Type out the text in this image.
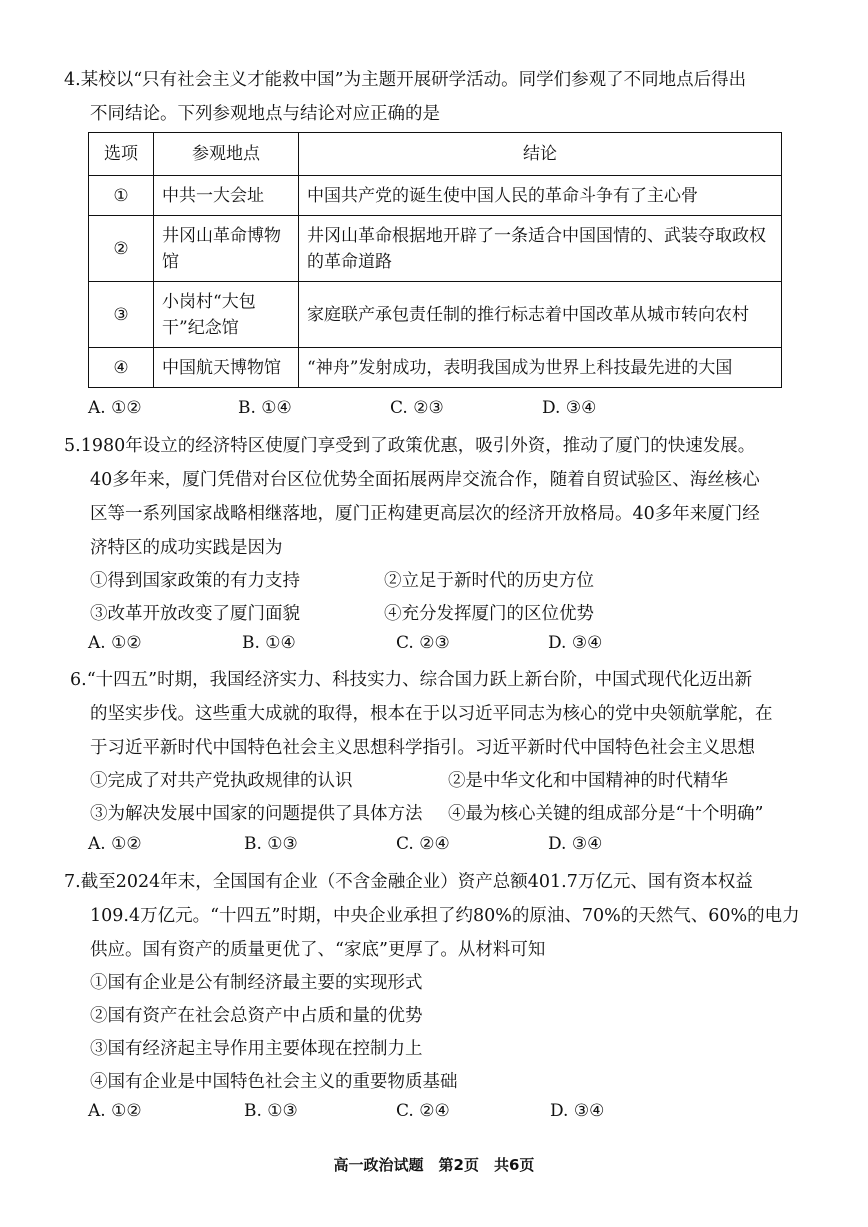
4.某校以“只有社会主义才能救中国”为主题开展研学活动。同学们参观了不同地点后得出
不同结论。下列参观地点与结论对应正确的是
选项	参观地点	结论
①	中共一大会址	中国共产党的诞生使中国人民的革命斗争有了主心骨
②	井冈山革命博物馆	井冈山革命根据地开辟了一条适合中国国情的、武装夺取政权的革命道路
③	小岗村“大包干”纪念馆	家庭联产承包责任制的推行标志着中国改革从城市转向农村
④	中国航天博物馆	“神舟”发射成功，表明我国成为世界上科技最先进的大国
A. ①②	B. ①④	C. ②③	D. ③④
5.1980年设立的经济特区使厦门享受到了政策优惠，吸引外资，推动了厦门的快速发展。
40多年来，厦门凭借对台区位优势全面拓展两岸交流合作，随着自贸试验区、海丝核心
区等一系列国家战略相继落地，厦门正构建更高层次的经济开放格局。40多年来厦门经
济特区的成功实践是因为
①得到国家政策的有力支持	②立足于新时代的历史方位
③改革开放改变了厦门面貌	④充分发挥厦门的区位优势
A. ①②	B. ①④	C. ②③	D. ③④
6.“十四五”时期，我国经济实力、科技实力、综合国力跃上新台阶，中国式现代化迈出新
的坚实步伐。这些重大成就的取得，根本在于以习近平同志为核心的党中央领航掌舵，在
于习近平新时代中国特色社会主义思想科学指引。习近平新时代中国特色社会主义思想
①完成了对共产党执政规律的认识	②是中华文化和中国精神的时代精华
③为解决发展中国家的问题提供了具体方法 ④最为核心关键的组成部分是“十个明确”
A. ①②	B. ①③	C. ②④	D. ③④
7.截至2024年末，全国国有企业（不含金融企业）资产总额401.7万亿元、国有资本权益
109.4万亿元。“十四五”时期，中央企业承担了约80%的原油、70%的天然气、60%的电力
供应。国有资产的质量更优了、“家底”更厚了。从材料可知
①国有企业是公有制经济最主要的实现形式
②国有资产在社会总资产中占质和量的优势
③国有经济起主导作用主要体现在控制力上
④国有企业是中国特色社会主义的重要物质基础
A. ①②	B. ①③	C. ②④	D. ③④
高一政治试题　第2页　共6页
